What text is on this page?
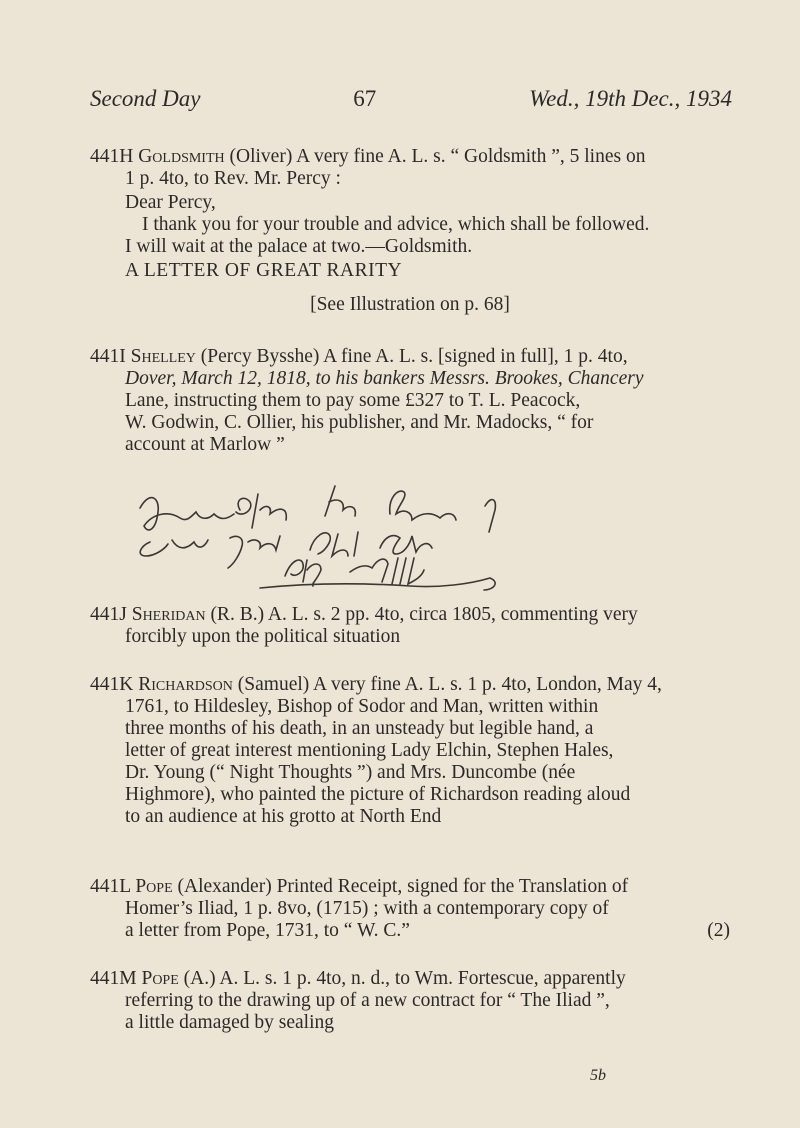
Second Day	67	Wed., 19th Dec., 1934
441H Goldsmith (Oliver) A very fine A. L. s. “ Goldsmith ”, 5 lines on
1 p. 4to, to Rev. Mr. Percy :
Dear Percy,
I thank you for your trouble and advice, which shall be followed.
I will wait at the palace at two.—Goldsmith.
A LETTER OF GREAT RARITY
[See Illustration on p. 68]
441I Shelley (Percy Bysshe) A fine A. L. s. [signed in full], 1 p. 4to,
Dover, March 12, 1818, to his bankers Messrs. Brookes, Chancery
Lane, instructing them to pay some £327 to T. L. Peacock,
W. Godwin, C. Ollier, his publisher, and Mr. Madocks, “ for
account at Marlow ”
441J Sheridan (R. B.) A. L. s. 2 pp. 4to, circa 1805, commenting very
forcibly upon the political situation
441K Richardson (Samuel) A very fine A. L. s. 1 p. 4to, London, May 4,
1761, to Hildesley, Bishop of Sodor and Man, written within
three months of his death, in an unsteady but legible hand, a
letter of great interest mentioning Lady Elchin, Stephen Hales,
Dr. Young (“ Night Thoughts ”) and Mrs. Duncombe (née
Highmore), who painted the picture of Richardson reading aloud
to an audience at his grotto at North End
441L Pope (Alexander) Printed Receipt, signed for the Translation of
Homer’s Iliad, 1 p. 8vo, (1715) ; with a contemporary copy of
a letter from Pope, 1731, to “ W. C.”	(2)
441M Pope (A.) A. L. s. 1 p. 4to, n. d., to Wm. Fortescue, apparently
referring to the drawing up of a new contract for “ The Iliad ”,
a little damaged by sealing
5b
